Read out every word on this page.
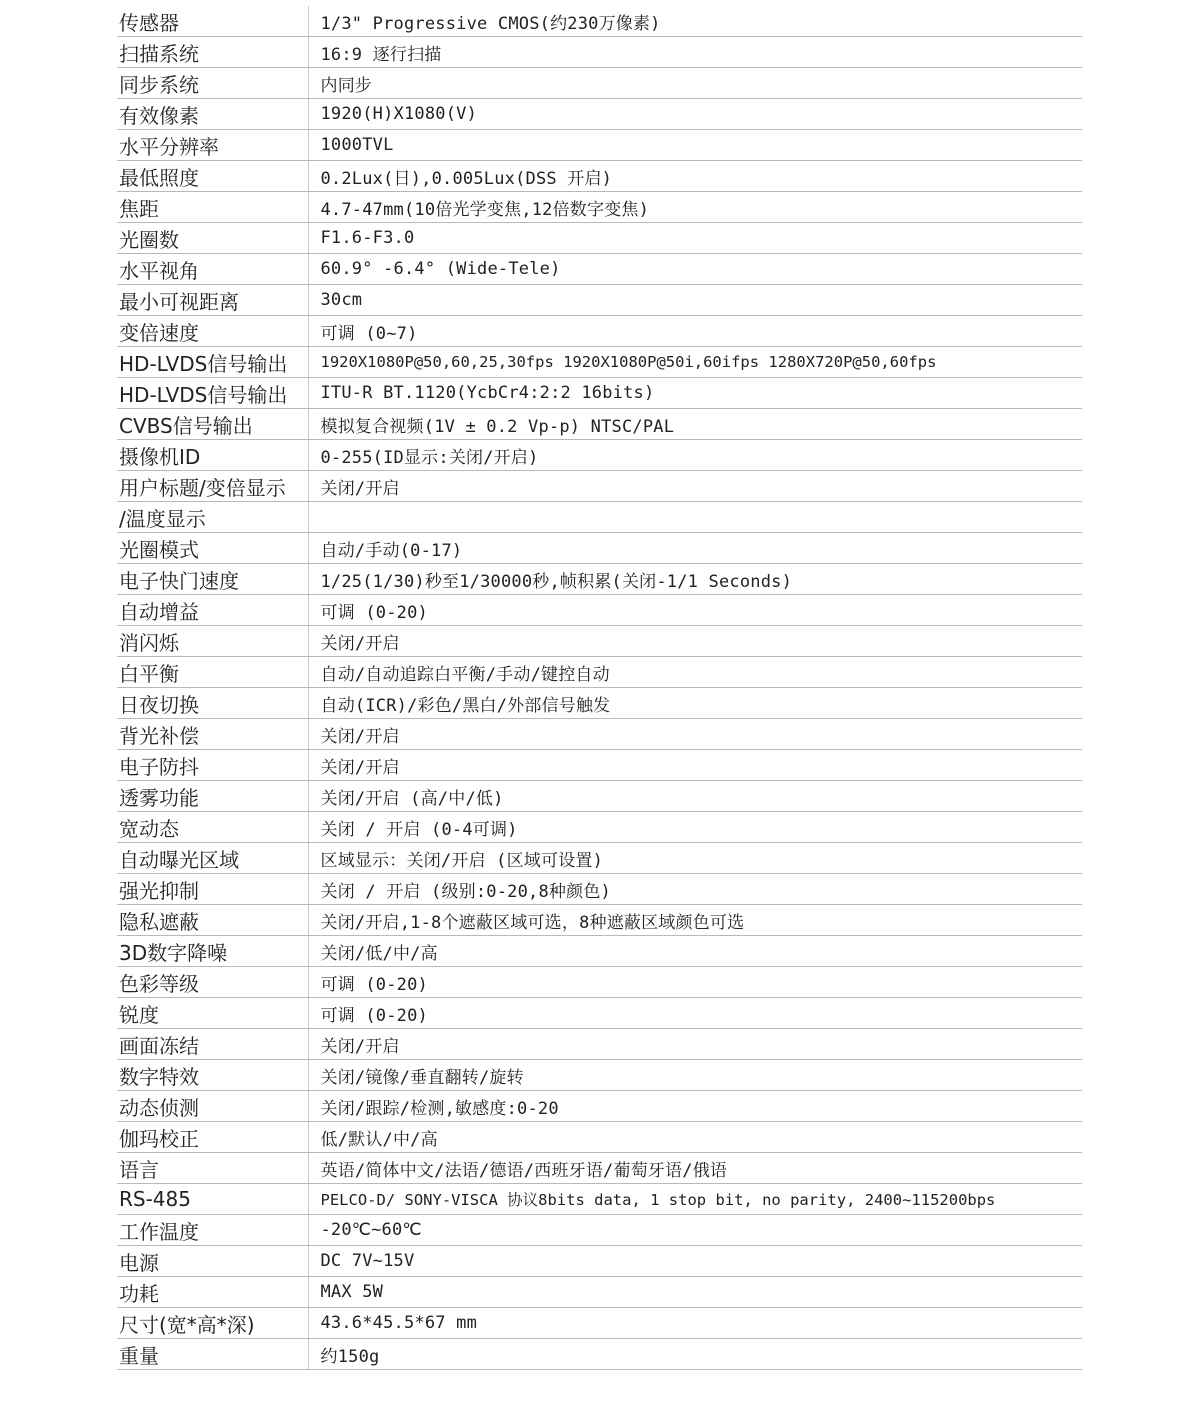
传感器	1/3" Progressive CMOS(约230万像素)
扫描系统	16:9 逐行扫描
同步系统	内同步
有效像素	1920(H)X1080(V)
水平分辨率	1000TVL
最低照度	0.2Lux(日),0.005Lux(DSS 开启)
焦距	4.7-47mm(10倍光学变焦,12倍数字变焦)
光圈数	F1.6-F3.0
水平视角	60.9° -6.4° (Wide-Tele)
最小可视距离	30cm
变倍速度	可调 (0~7)
HD-LVDS信号输出	1920X1080P@50,60,25,30fps 1920X1080P@50i,60ifps 1280X720P@50,60fps
HD-LVDS信号输出	ITU-R BT.1120(YcbCr4:2:2 16bits)
CVBS信号输出	模拟复合视频(1V ± 0.2 Vp-p) NTSC/PAL
摄像机ID	0-255(ID显示:关闭/开启)
用户标题/变倍显示	关闭/开启
/温度显示	
光圈模式	自动/手动(0-17)
电子快门速度	1/25(1/30)秒至1/30000秒,帧积累(关闭-1/1 Seconds)
自动增益	可调 (0-20)
消闪烁	关闭/开启
白平衡	自动/自动追踪白平衡/手动/键控自动
日夜切换	自动(ICR)/彩色/黑白/外部信号触发
背光补偿	关闭/开启
电子防抖	关闭/开启
透雾功能	关闭/开启 (高/中/低)
宽动态	关闭 / 开启 (0-4可调)
自动曝光区域	区域显示：关闭/开启 (区域可设置)
强光抑制	关闭 / 开启 (级别:0-20,8种颜色)
隐私遮蔽	关闭/开启,1-8个遮蔽区域可选，8种遮蔽区域颜色可选
3D数字降噪	关闭/低/中/高
色彩等级	可调 (0-20)
锐度	可调 (0-20)
画面冻结	关闭/开启
数字特效	关闭/镜像/垂直翻转/旋转
动态侦测	关闭/跟踪/检测,敏感度:0-20
伽玛校正	低/默认/中/高
语言	英语/简体中文/法语/德语/西班牙语/葡萄牙语/俄语
RS-485	PELCO-D/ SONY-VISCA 协议8bits data, 1 stop bit, no parity, 2400~115200bps
工作温度	-20℃~60℃
电源	DC 7V~15V
功耗	MAX 5W
尺寸(宽*高*深)	43.6*45.5*67 mm
重量	约150g
